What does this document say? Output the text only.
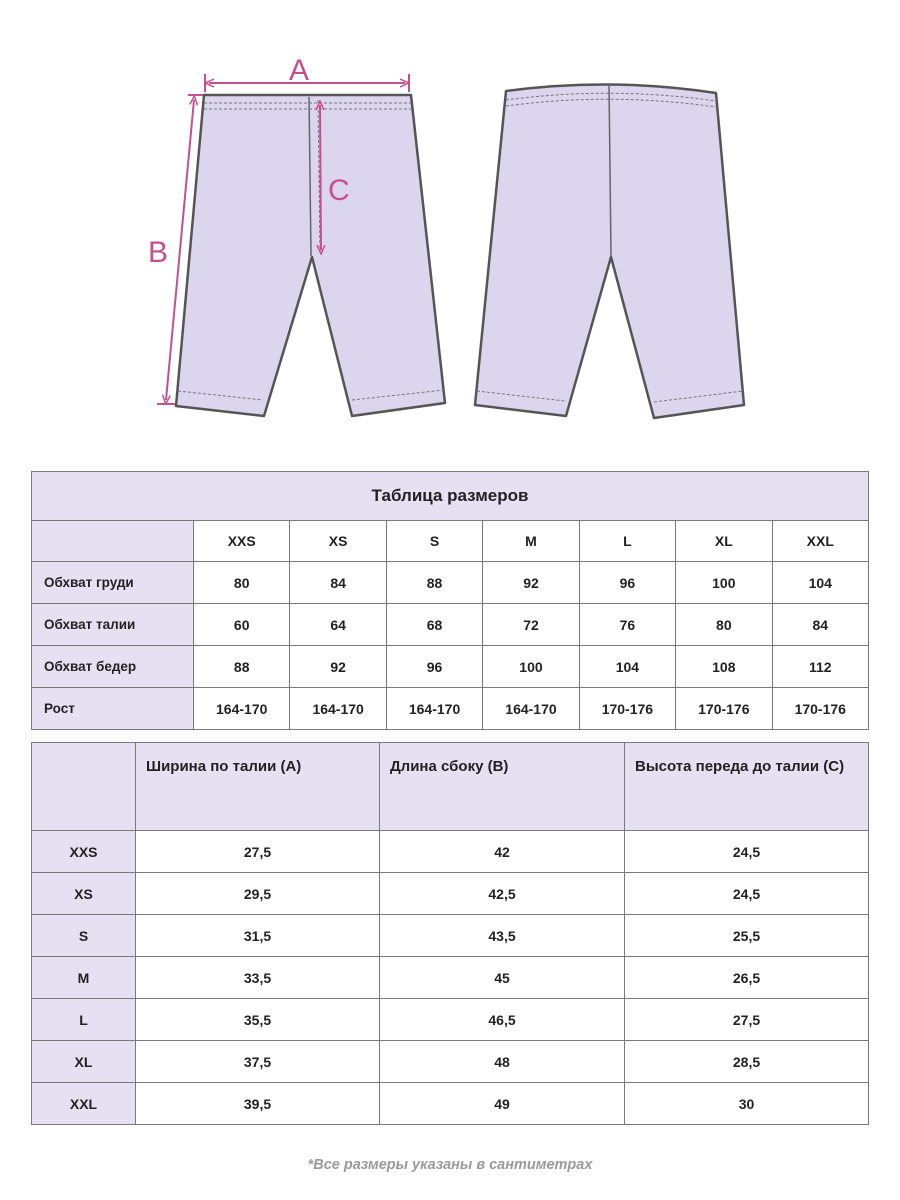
A
B
C
Таблица размеров							
	XXS	XS	S	M	L	XL	XXL
Обхват груди	80	84	88	92	96	100	104
Обхват талии	60	64	68	72	76	80	84
Обхват бедер	88	92	96	100	104	108	112
Рост	164-170	164-170	164-170	164-170	170-176	170-176	170-176
	Ширина по талии (А)	Длина сбоку (В)	Высота переда до талии (С)
XXS	27,5	42	24,5
XS	29,5	42,5	24,5
S	31,5	43,5	25,5
M	33,5	45	26,5
L	35,5	46,5	27,5
XL	37,5	48	28,5
XXL	39,5	49	30
*Все размеры указаны в сантиметрах
